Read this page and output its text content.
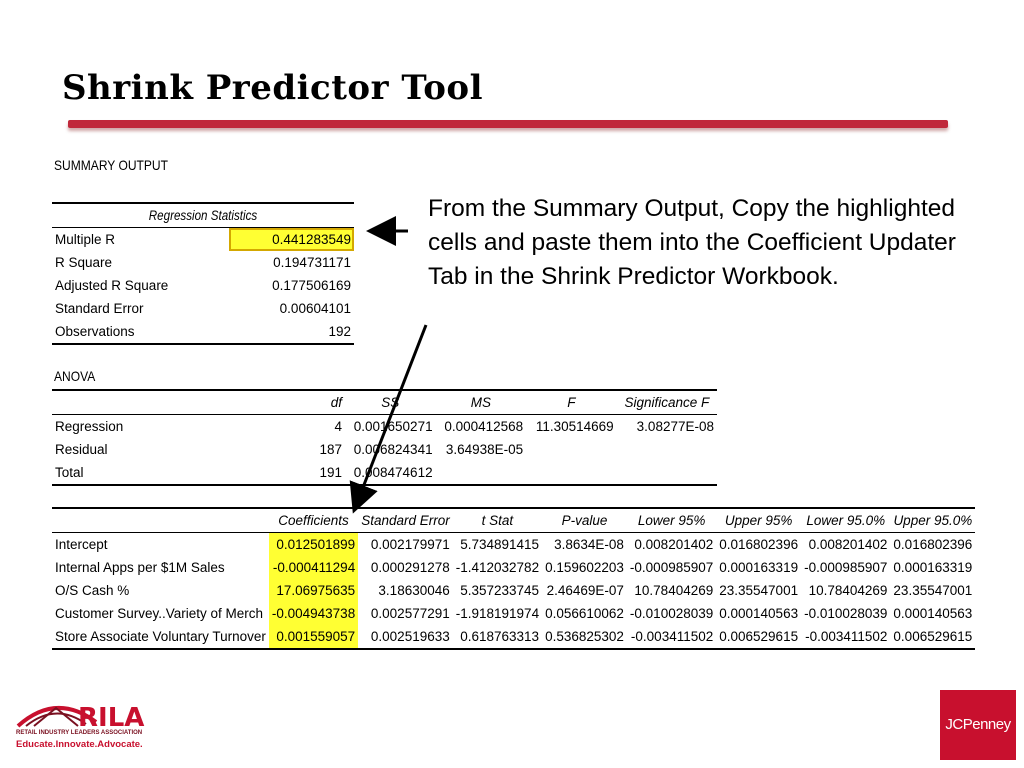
Shrink Predictor Tool
SUMMARY OUTPUT
Regression Statistics	
Multiple R	0.441283549
R Square	0.194731171
Adjusted R Square	0.177506169
Standard Error	0.00604101
Observations	192
ANOVA
	df	SS	MS	F	Significance F
Regression	4	0.001650271	0.000412568	11.30514669	3.08277E-08
Residual	187	0.006824341	3.64938E-05		
Total	191	0.008474612			
	Coefficients	Standard Error	t Stat	P-value	Lower 95%	Upper 95%	Lower 95.0%	Upper 95.0%
Intercept	0.012501899	0.002179971	5.734891415	3.8634E-08	0.008201402	0.016802396	0.008201402	0.016802396
Internal Apps per $1M Sales	-0.000411294	0.000291278	-1.412032782	0.159602203	-0.000985907	0.000163319	-0.000985907	0.000163319
O/S Cash %	17.06975635	3.18630046	5.357233745	2.46469E-07	10.78404269	23.35547001	10.78404269	23.35547001
Customer Survey..Variety of Merch	-0.004943738	0.002577291	-1.918191974	0.056610062	-0.010028039	0.000140563	-0.010028039	0.000140563
Store Associate Voluntary Turnover	0.001559057	0.002519633	0.618763313	0.536825302	-0.003411502	0.006529615	-0.003411502	0.006529615
From the Summary Output, Copy the highlighted cells and paste them into the Coefficient Updater Tab in the Shrink Predictor Workbook.
RILA
RETAIL INDUSTRY LEADERS ASSOCIATION
Educate.Innovate.Advocate.
JCPenney
